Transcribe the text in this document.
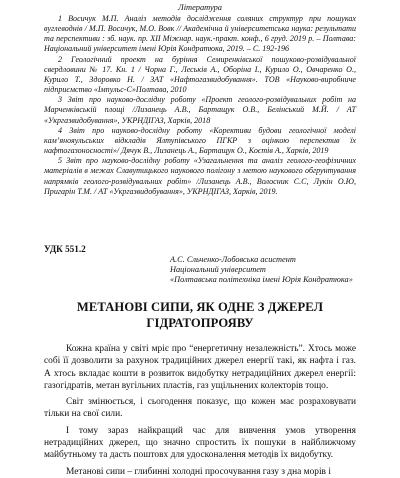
Література

1 Восичук М.П. Аналіз методів дослідження соляних структур при пошуках вуглеводнів / М.П. Восичук, М.О. Вовк // Академічна й університетська наука: результати та перспективи : зб. наук. пр. XII Міжнар. наук.-практ. конф., 6 груд. 2019 р. – Полтава: Національний університет імені Юрія Кондратюка, 2019. – С. 192-196

2 Геологічний проект на буріння Семиренківської пошуково-розвідувальної свердловини № 17. Кн. 1 / Чорна Г., Леськів А., Оборіна І., Курило О., Овчаренко О., Курило Т., Здоровко Н. / ЗАТ «Нафтогазвидобування». ТОВ «Науково-виробниче підприємство «Імпульс-С»Полтава, 2010

3 Звіт про науково-дослідну роботу «Проект геолого-розвідувальних робіт на Марченківській площі /Лизанець А.В., Бартащук О.В., Белінський М.Й. / АТ «Укргазвидобування», УКРНДІГАЗ, Харків, 2018

4 Звіт про науково-дослідну роботу «Корективи будови геологічної моделі кам’янояульських відкладів Ялтупівського ПГКР з оцінкою перспектив їх нафтогазоносності»/ Дячук В., Лизанець А., Бартащук О., Коєтів А., Харків, 2019

5 Звіт про науково-дослідну роботу «Узагальнення та аналіз геолого-геофізичних матеріалів в межах Славутицького наукового полігону з метою наукового обгрунтування напрямків геолого-розвідувальних робіт» /Лизанець А.В., Волосник С.С, Лукін О.Ю, Пригарін Т.М. / АТ «Укргазвидобування», УКРНДІГАЗ, Харків, 2019.

УДК 551.2

А.С. Сльченко-Лобовська асистент

Національний університет

«Полтавська політехніка імені Юрія Кондратюка»

МЕТАНОВІ СИПИ, ЯК ОДНЕ З ДЖЕРЕЛ

ГІДРАТОПРОЯВУ

Кожна країна у світі мріє про “енергетичну незалежність”. Хтось може собі її дозволити за рахунок традиційних джерел енергії такі, як нафта і газ. А хтось вкладає кошти в розвиток видобутку нетрадиційних джерел енергії: газогідратів, метан вугільних пластів, газ ущільнених колекторів тощо.

Світ змінюється, і сьогодення показує, що кожен має розраховувати тільки на свої сили.

І тому зараз найкращий час для вивчення умов утворення нетрадиційних джерел, що значно спростить їх пошуки в найближчому майбутньому та дасть поштовх для удосконалення методів їх видобутку.

Метанові сипи – глибинні холодні просочування газу з дна морів і
